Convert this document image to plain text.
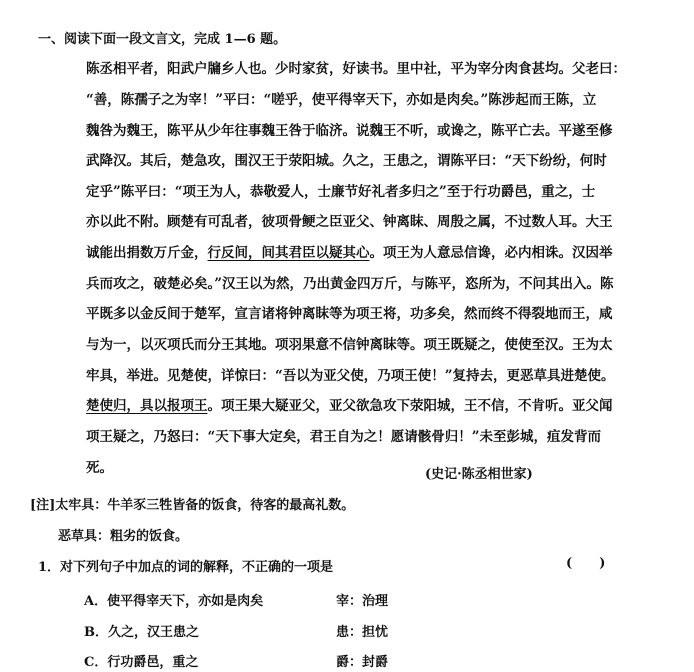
一、阅读下面一段文言文，完成 1—6 题。
陈丞相平者，阳武户牖乡人也。少时家贫，好读书。里中社，平为宰分肉食甚均。父老曰：
“善，陈孺子之为宰！”平曰：“嗟乎，使平得宰天下，亦如是肉矣。”陈涉起而王陈，立
魏咎为魏王，陈平从少年往事魏王咎于临济。说魏王不听，或谗之，陈平亡去。平遂至修
武降汉。其后，楚急攻，围汉王于荥阳城。久之，王患之，谓陈平曰：“天下纷纷，何时
定乎”陈平曰：“项王为人，恭敬爱人，士廉节好礼者多归之”至于行功爵邑，重之，士
亦以此不附。顾楚有可乱者，彼项骨鲠之臣亚父、钟离眜、周殷之属，不过数人耳。大王
诚能出捐数万斤金，行反间，间其君臣以疑其心。项王为人意忌信谗，必内相诛。汉因举
兵而攻之，破楚必矣。”汉王以为然，乃出黄金四万斤，与陈平，恣所为，不问其出入。陈
平既多以金反间于楚军，宣言诸将钟离眜等为项王将，功多矣，然而终不得裂地而王，咸
与为一，以灭项氏而分王其地。项羽果意不信钟离眜等。项王既疑之，使使至汉。王为太
牢具，举进。见楚使，详惊曰：“吾以为亚父使，乃项王使！”复持去，更恶草具进楚使。
楚使归，具以报项王。项王果大疑亚父，亚父欲急攻下荥阳城，王不信，不肯听。亚父闻
项王疑之，乃怒曰：“天下事大定矣，君王自为之！愿请骸骨归！”未至彭城，疽发背而
死。	(史记·陈丞相世家)
[注]太牢具：牛羊豕三牲皆备的饭食，待客的最高礼数。
恶草具：粗劣的饭食。
1．对下列句子中加点的词的解释，不正确的一项是	(      )
A．使平得宰天下，亦如是肉矣	宰：治理
B．久之，汉王患之	患：担忧
C．行功爵邑，重之	爵：封爵
